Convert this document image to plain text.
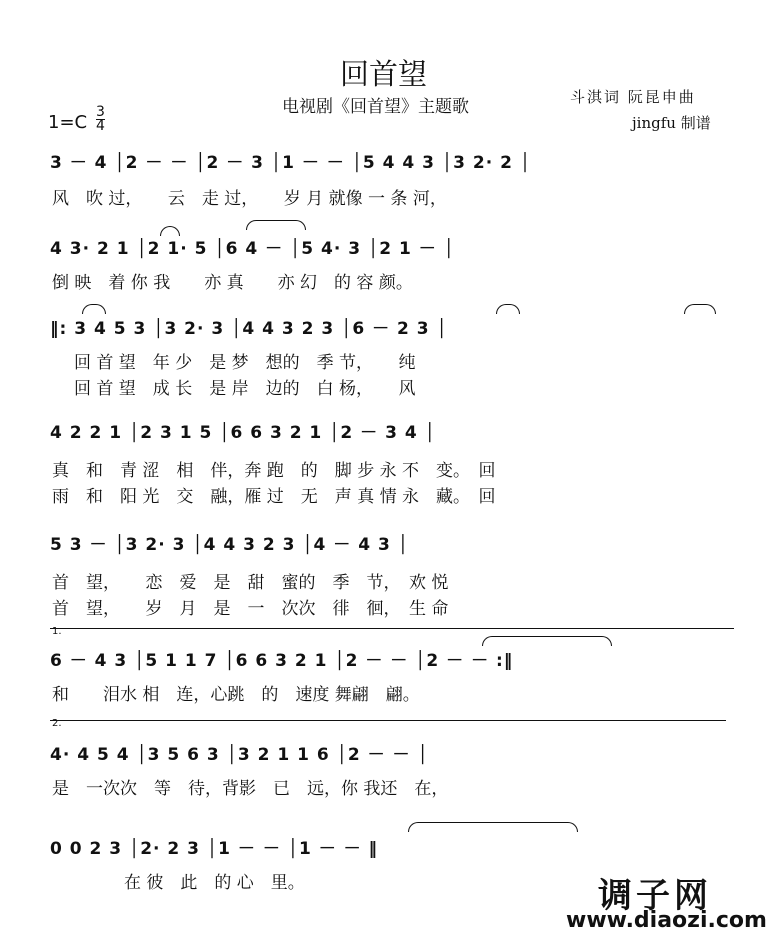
回首望
电视剧《回首望》主题歌	斗淇词 阮昆申曲
jingfu 制谱
1=C 3
4
3 － 4 │2 － － │2 － 3 │1 － － │5 4 4 3 │3 2· 2 │
风　吹 过，　　云　走 过，　　岁 月 就像 一 条 河，
4 3· 2 1 │2 1· 5 │6 4 － │5 4· 3 │2 1 － │
倒 映　着 你 我　　亦 真　　亦 幻　的 容 颜。
‖: 3 4 5 3 │3 2· 3 │4 4 3 2 3 │6 － 2 3 │
回 首 望　年 少　是 梦　想的　季 节，　　纯
回 首 望　成 长　是 岸　边的　白 杨，　　风
4 2 2 1 │2 3 1 5 │6 6 3 2 1 │2 － 3 4 │
真　和　青 涩　相　伴，奔 跑　的　脚 步 永 不　变。　回
雨　和　阳 光　交　融，雁 过　无　声 真 情 永　藏。　回
5 3 － │3 2· 3 │4 4 3 2 3 │4 － 4 3 │
首　望，　　恋　爱　是　甜　蜜的　季　节，　欢 悦
首　望，　　岁　月　是　一　次次　徘　徊，　生 命
1.
6 － 4 3 │5 1 1 7 │6 6 3 2 1 │2 － － │2 － － :‖
和　　泪水 相　连，心跳　的　速度 舞翩　翩。
2.
4· 4 5 4 │3 5 6 3 │3 2 1 1 6 │2 － － │
是　一次次　等　待，背影　已　远，你 我还　在，
0 0 2 3 │2· 2 3 │1 － － │1 － － ‖
在 彼　此　的 心　里。	调子网
www.diaozi.com
